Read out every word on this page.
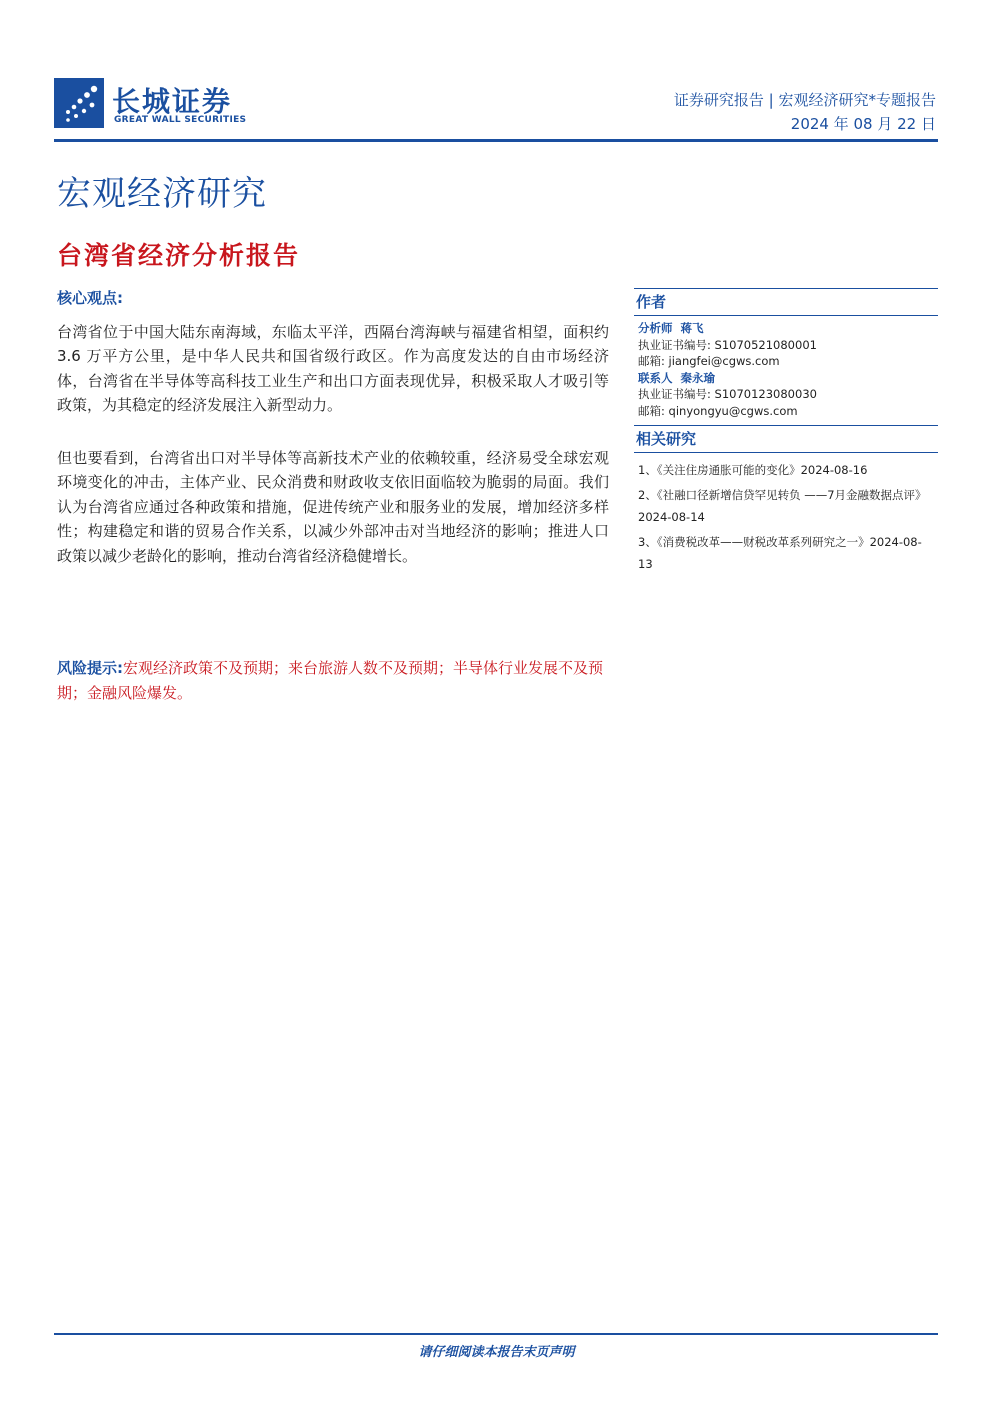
长城证券
GREAT WALL SECURITIES
证券研究报告 | 宏观经济研究*专题报告
2024 年 08 月 22 日
宏观经济研究
台湾省经济分析报告
核心观点:
台湾省位于中国大陆东南海域，东临太平洋，西隔台湾海峡与福建省相望，面积约 3.6 万平方公里，是中华人民共和国省级行政区。作为高度发达的自由市场经济体，台湾省在半导体等高科技工业生产和出口方面表现优异，积极采取人才吸引等政策，为其稳定的经济发展注入新型动力。
但也要看到，台湾省出口对半导体等高新技术产业的依赖较重，经济易受全球宏观环境变化的冲击，主体产业、民众消费和财政收支依旧面临较为脆弱的局面。我们认为台湾省应通过各种政策和措施，促进传统产业和服务业的发展，增加经济多样性；构建稳定和谐的贸易合作关系，以减少外部冲击对当地经济的影响；推进人口政策以减少老龄化的影响，推动台湾省经济稳健增长。
风险提示:宏观经济政策不及预期；来台旅游人数不及预期；半导体行业发展不及预期；金融风险爆发。
作者
分析师 蒋飞
执业证书编号: S1070521080001
邮箱: jiangfei@cgws.com
联系人 秦永瑜
执业证书编号: S1070123080030
邮箱: qinyongyu@cgws.com
相关研究
1、《关注住房通胀可能的变化》2024-08-16
2、《社融口径新增信贷罕见转负 ——7月金融数据点评》2024-08-14
3、《消费税改革——财税改革系列研究之一》2024-08-13
请仔细阅读本报告末页声明
